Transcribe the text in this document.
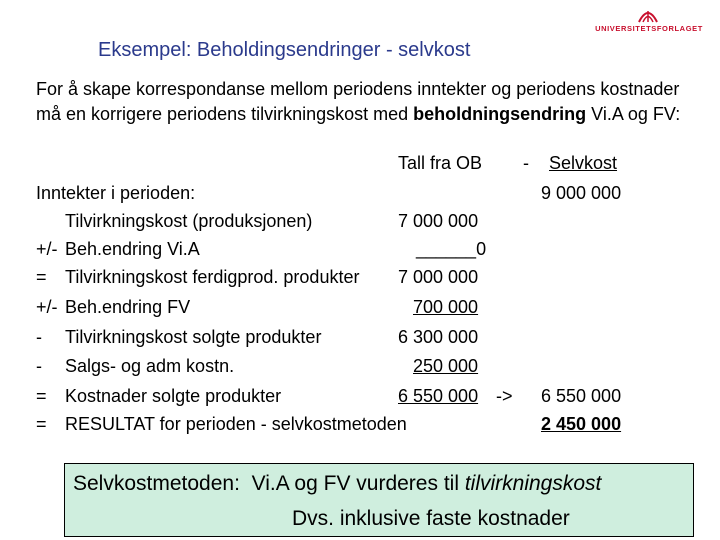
UNIVERSITETSFORLAGET
Eksempel: Beholdingsendringer - selvkost
For å skape korrespondanse mellom periodens inntekter og periodens kostnader må en korrigere periodens tilvirkningskost med beholdningsendring Vi.A og FV:
Tall fra OB - Selvkost
Inntekter i perioden:	9 000 000
Tilvirkningskost (produksjonen)	7 000 000
+/- Beh.endring Vi.A	______0
= Tilvirkningskost ferdigprod. produkter 7 000 000
+/- Beh.endring FV	700 000
- Tilvirkningskost solgte produkter	6 300 000
- Salgs- og adm kostn.	250 000
= Kostnader solgte produkter	6 550 000 -> 6 550 000
= RESULTAT for perioden - selvkostmetoden	2 450 000
Selvkostmetoden: Vi.A og FV vurderes til tilvirkningskost
Dvs. inklusive faste kostnader
